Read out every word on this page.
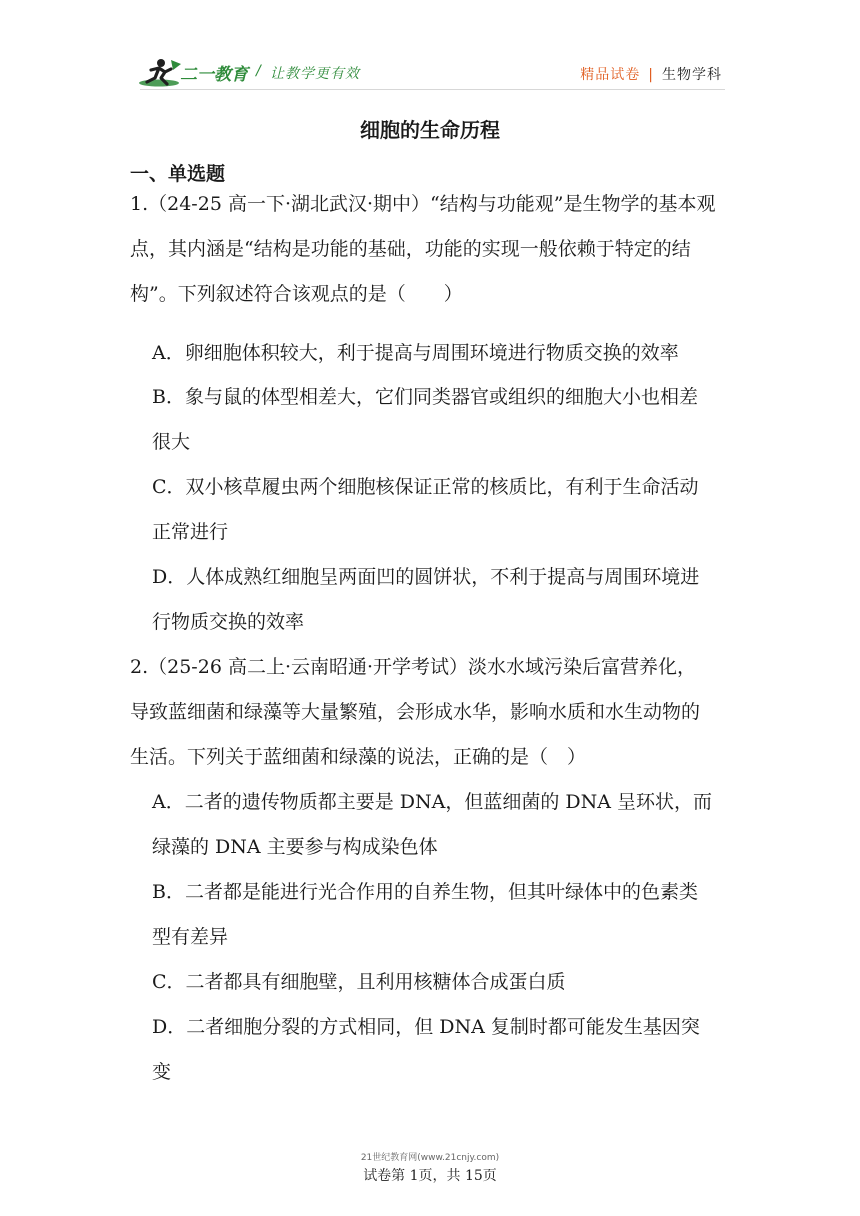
二一教育 / 让教学更有效	精品试卷 | 生物学科
细胞的生命历程
一、单选题
1.（24-25 高一下·湖北武汉·期中）“结构与功能观”是生物学的基本观
点，其内涵是“结构是功能的基础，功能的实现一般依赖于特定的结
构”。下列叙述符合该观点的是（　　）
A．卵细胞体积较大，利于提高与周围环境进行物质交换的效率
B．象与鼠的体型相差大，它们同类器官或组织的细胞大小也相差
很大
C．双小核草履虫两个细胞核保证正常的核质比，有利于生命活动
正常进行
D．人体成熟红细胞呈两面凹的圆饼状，不利于提高与周围环境进
行物质交换的效率
2.（25-26 高二上·云南昭通·开学考试）淡水水域污染后富营养化，
导致蓝细菌和绿藻等大量繁殖，会形成水华，影响水质和水生动物的
生活。下列关于蓝细菌和绿藻的说法，正确的是（　）
A．二者的遗传物质都主要是 DNA，但蓝细菌的 DNA 呈环状，而
绿藻的 DNA 主要参与构成染色体
B．二者都是能进行光合作用的自养生物，但其叶绿体中的色素类
型有差异
C．二者都具有细胞壁，且利用核糖体合成蛋白质
D．二者细胞分裂的方式相同，但 DNA 复制时都可能发生基因突
变
21世纪教育网(www.21cnjy.com)
试卷第 1页，共 15页
